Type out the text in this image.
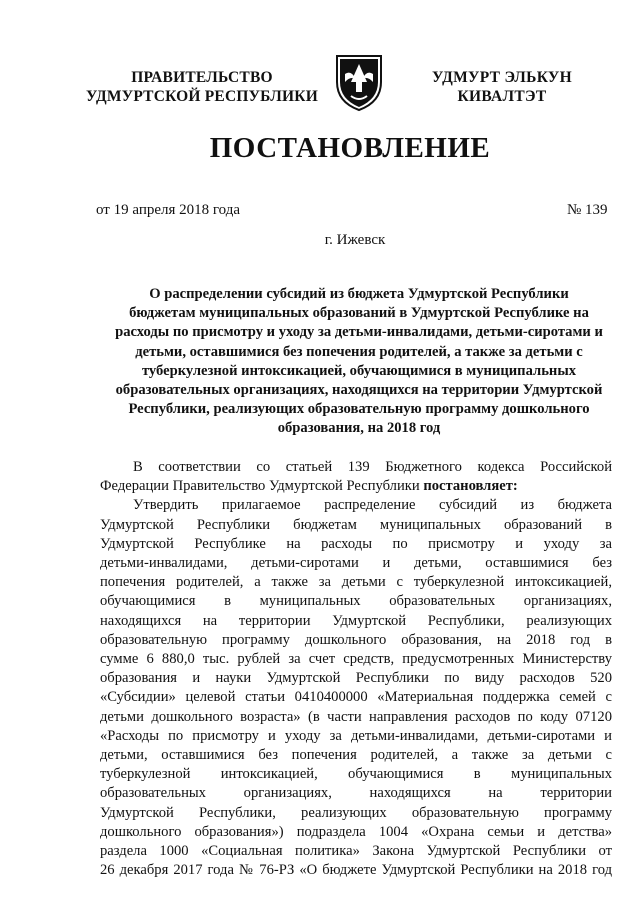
ПРАВИТЕЛЬСТВО
УДМУРТСКОЙ РЕСПУБЛИКИ
УДМУРТ ЭЛЬКУН
КИВАЛТЭТ
ПОСТАНОВЛЕНИЕ
от 19 апреля 2018 года	№ 139
г. Ижевск
О распределении субсидий из бюджета Удмуртской Республики
бюджетам муниципальных образований в Удмуртской Республике на
расходы по присмотру и уходу за детьми-инвалидами, детьми-сиротами и
детьми, оставшимися без попечения родителей, а также за детьми с
туберкулезной интоксикацией, обучающимися в муниципальных
образовательных организациях, находящихся на территории Удмуртской
Республики, реализующих образовательную программу дошкольного
образования, на 2018 год
В соответствии со статьей 139 Бюджетного кодекса Российской
Федерации Правительство Удмуртской Республики постановляет:
Утвердить прилагаемое распределение субсидий из бюджета
Удмуртской Республики бюджетам муниципальных образований в
Удмуртской Республике на расходы по присмотру и уходу за
детьми-инвалидами, детьми-сиротами и детьми, оставшимися без
попечения родителей, а также за детьми с туберкулезной интоксикацией,
обучающимися в муниципальных образовательных организациях,
находящихся на территории Удмуртской Республики, реализующих
образовательную программу дошкольного образования, на 2018 год в
сумме 6 880,0 тыс. рублей за счет средств, предусмотренных Министерству
образования и науки Удмуртской Республики по виду расходов 520
«Субсидии» целевой статьи 0410400000 «Материальная поддержка семей с
детьми дошкольного возраста» (в части направления расходов по коду 07120
«Расходы по присмотру и уходу за детьми-инвалидами, детьми-сиротами и
детьми, оставшимися без попечения родителей, а также за детьми с
туберкулезной интоксикацией, обучающимися в муниципальных
образовательных организациях, находящихся на территории
Удмуртской Республики, реализующих образовательную программу
дошкольного образования») подраздела 1004 «Охрана семьи и детства»
раздела 1000 «Социальная политика» Закона Удмуртской Республики от
26 декабря 2017 года № 76-РЗ «О бюджете Удмуртской Республики на 2018 год
